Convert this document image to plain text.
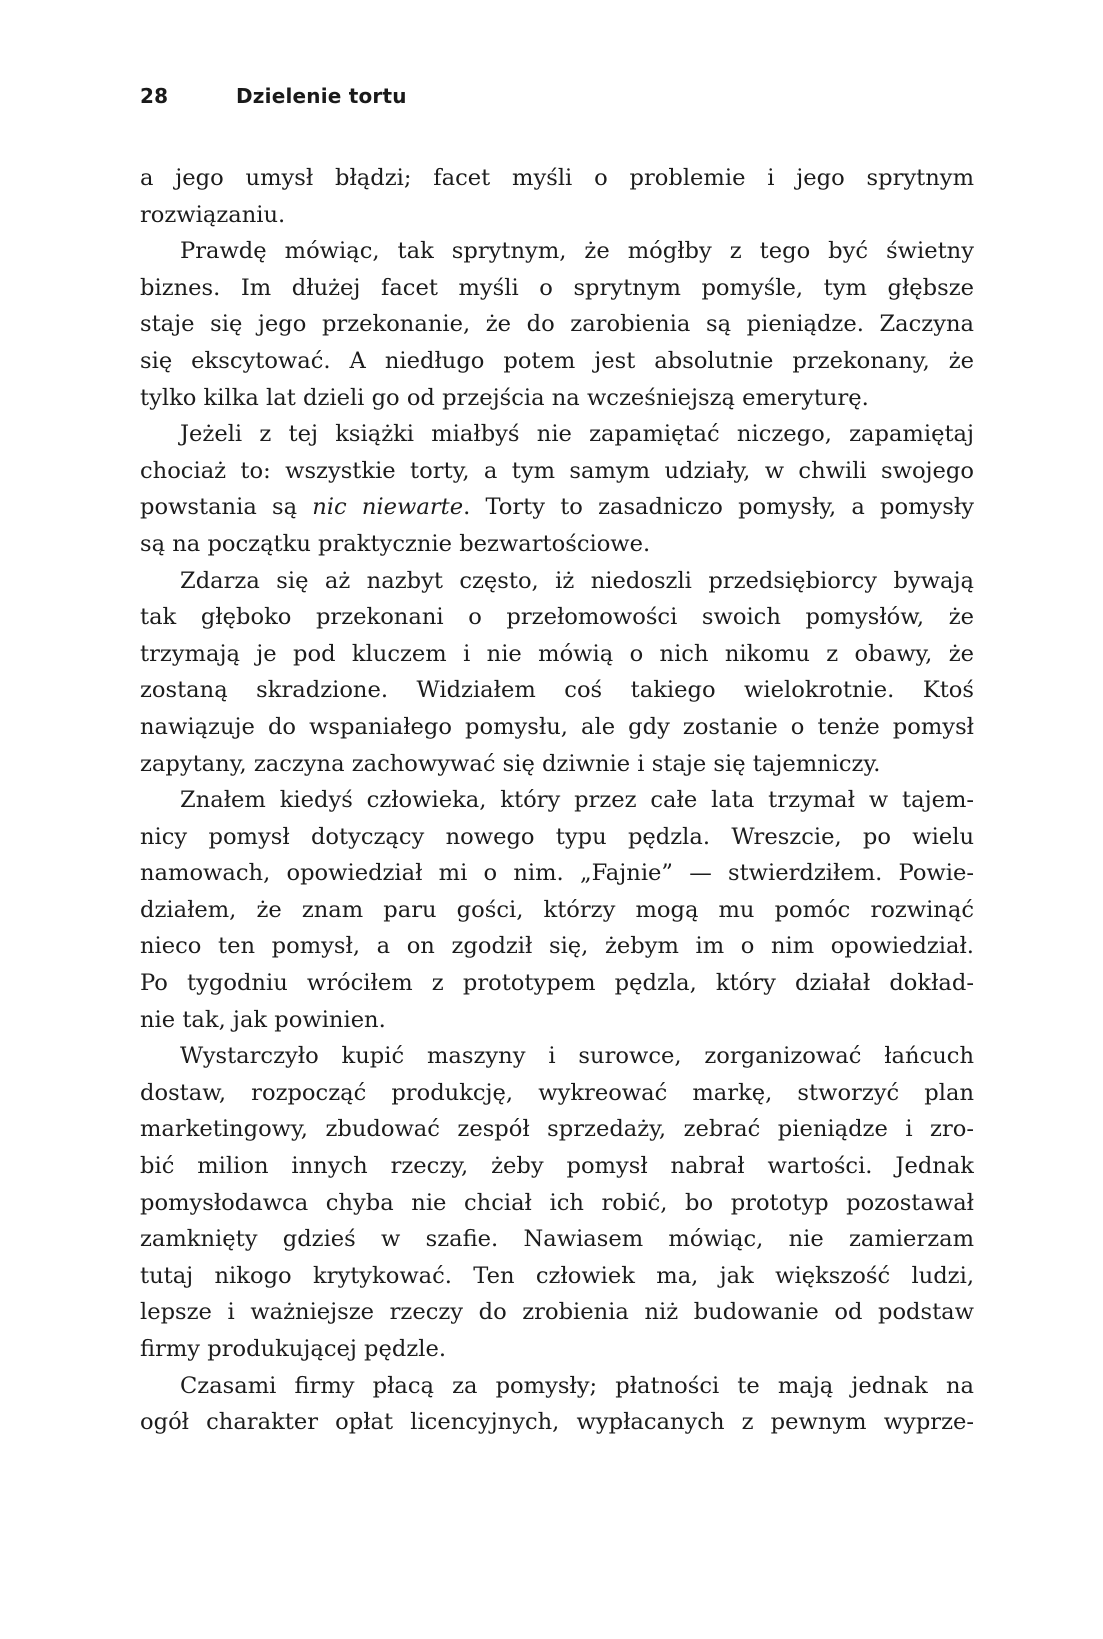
28	Dzielenie tortu
a jego umysł błądzi; facet myśli o problemie i jego sprytnym
rozwiązaniu.
Prawdę mówiąc, tak sprytnym, że mógłby z tego być świetny
biznes. Im dłużej facet myśli o sprytnym pomyśle, tym głębsze
staje się jego przekonanie, że do zarobienia są pieniądze. Zaczyna
się ekscytować. A niedługo potem jest absolutnie przekonany, że
tylko kilka lat dzieli go od przejścia na wcześniejszą emeryturę.
Jeżeli z tej książki miałbyś nie zapamiętać niczego, zapamiętaj
chociaż to: wszystkie torty, a tym samym udziały, w chwili swojego
powstania są nic niewarte. Torty to zasadniczo pomysły, a pomysły
są na początku praktycznie bezwartościowe.
Zdarza się aż nazbyt często, iż niedoszli przedsiębiorcy bywają
tak głęboko przekonani o przełomowości swoich pomysłów, że
trzymają je pod kluczem i nie mówią o nich nikomu z obawy, że
zostaną skradzione. Widziałem coś takiego wielokrotnie. Ktoś
nawiązuje do wspaniałego pomysłu, ale gdy zostanie o tenże pomysł
zapytany, zaczyna zachowywać się dziwnie i staje się tajemniczy.
Znałem kiedyś człowieka, który przez całe lata trzymał w tajem-
nicy pomysł dotyczący nowego typu pędzla. Wreszcie, po wielu
namowach, opowiedział mi o nim. „Fajnie” — stwierdziłem. Powie-
działem, że znam paru gości, którzy mogą mu pomóc rozwinąć
nieco ten pomysł, a on zgodził się, żebym im o nim opowiedział.
Po tygodniu wróciłem z prototypem pędzla, który działał dokład-
nie tak, jak powinien.
Wystarczyło kupić maszyny i surowce, zorganizować łańcuch
dostaw, rozpocząć produkcję, wykreować markę, stworzyć plan
marketingowy, zbudować zespół sprzedaży, zebrać pieniądze i zro-
bić milion innych rzeczy, żeby pomysł nabrał wartości. Jednak
pomysłodawca chyba nie chciał ich robić, bo prototyp pozostawał
zamknięty gdzieś w szafie. Nawiasem mówiąc, nie zamierzam
tutaj nikogo krytykować. Ten człowiek ma, jak większość ludzi,
lepsze i ważniejsze rzeczy do zrobienia niż budowanie od podstaw
firmy produkującej pędzle.
Czasami firmy płacą za pomysły; płatności te mają jednak na
ogół charakter opłat licencyjnych, wypłacanych z pewnym wyprze-
